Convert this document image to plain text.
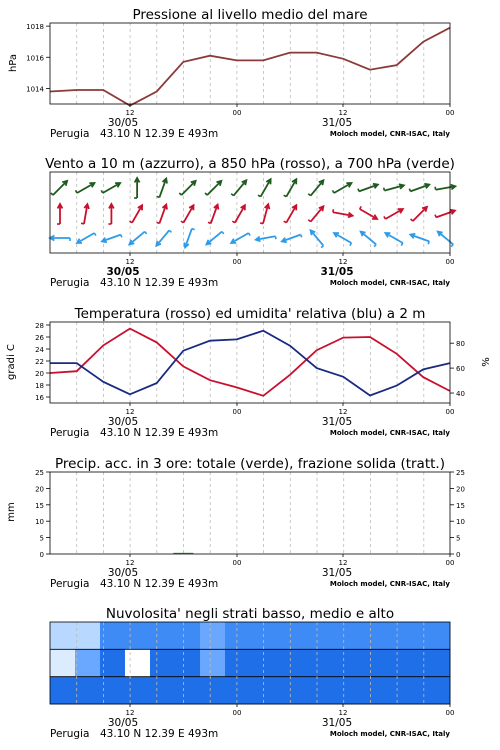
Pressione al livello medio del mare
hPa
1014
1016
1018
12	00	12	00
30/05	31/05
Perugia 43.10 N 12.39 E 493m	Moloch model, CNR-ISAC, Italy
Vento a 10 m (azzurro), a 850 hPa (rosso), a 700 hPa (verde)
12	00	12	00
30/05	31/05
Perugia 43.10 N 12.39 E 493m	Moloch model, CNR-ISAC, Italy
Temperatura (rosso) ed umidita' relativa (blu) a 2 m
gradi C	%
16
18
20
22
24
26
28
40
60
80
12	00	12	00
30/05	31/05
Perugia 43.10 N 12.39 E 493m	Moloch model, CNR-ISAC, Italy
Precip. acc. in 3 ore: totale (verde), frazione solida (tratt.)
mm
0
5
10
15
20
25
0
5
10
15
20
25
12	00	12	00
30/05	31/05
Perugia 43.10 N 12.39 E 493m	Moloch model, CNR-ISAC, Italy
Nuvolosita' negli strati basso, medio e alto
12	00	12	00
30/05	31/05
Perugia 43.10 N 12.39 E 493m	Moloch model, CNR-ISAC, Italy
